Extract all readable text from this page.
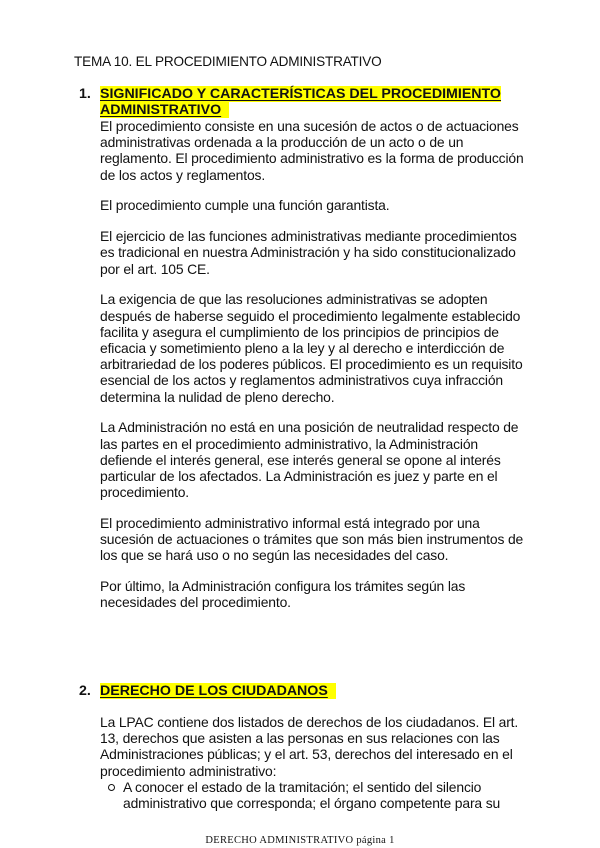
TEMA 10. EL PROCEDIMIENTO ADMINISTRATIVO
1. SIGNIFICADO Y CARACTERÍSTICAS DEL PROCEDIMIENTO ADMINISTRATIVO

El procedimiento consiste en una sucesión de actos o de actuaciones administrativas ordenada a la producción de un acto o de un reglamento. El procedimiento administrativo es la forma de producción de los actos y reglamentos.

El procedimiento cumple una función garantista.

El ejercicio de las funciones administrativas mediante procedimientos es tradicional en nuestra Administración y ha sido constitucionalizado por el art. 105 CE.

La exigencia de que las resoluciones administrativas se adopten después de haberse seguido el procedimiento legalmente establecido facilita y asegura el cumplimiento de los principios de principios de eficacia y sometimiento pleno a la ley y al derecho e interdicción de arbitrariedad de los poderes públicos. El procedimiento es un requisito esencial de los actos y reglamentos administrativos cuya infracción determina la nulidad de pleno derecho.

La Administración no está en una posición de neutralidad respecto de las partes en el procedimiento administrativo, la Administración defiende el interés general, ese interés general se opone al interés particular de los afectados. La Administración es juez y parte en el procedimiento.

El procedimiento administrativo informal está integrado por una sucesión de actuaciones o trámites que son más bien instrumentos de los que se hará uso o no según las necesidades del caso.

Por último, la Administración configura los trámites según las necesidades del procedimiento.

2. DERECHO DE LOS CIUDADANOS

La LPAC contiene dos listados de derechos de los ciudadanos. El art. 13, derechos que asisten a las personas en sus relaciones con las Administraciones públicas; y el art. 53, derechos del interesado en el procedimiento administrativo:

A conocer el estado de la tramitación; el sentido del silencio administrativo que corresponda; el órgano competente para su
DERECHO ADMINISTRATIVO página 1
